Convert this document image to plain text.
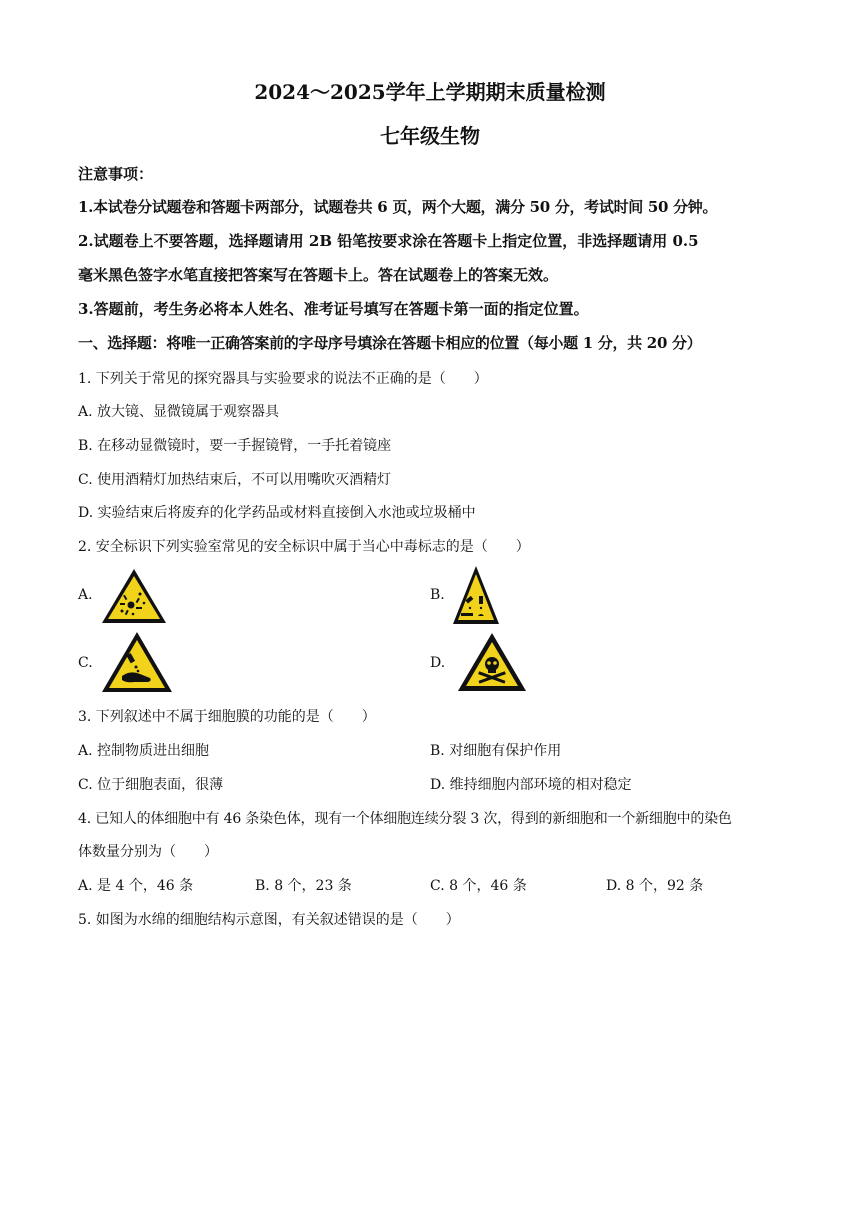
2024～2025学年上学期期末质量检测
七年级生物
注意事项：
1.本试卷分试题卷和答题卡两部分，试题卷共 6 页，两个大题，满分 50 分，考试时间 50 分钟。
2.试题卷上不要答题，选择题请用 2B 铅笔按要求涂在答题卡上指定位置，非选择题请用 0.5
毫米黑色签字水笔直接把答案写在答题卡上。答在试题卷上的答案无效。
3.答题前，考生务必将本人姓名、准考证号填写在答题卡第一面的指定位置。
一、选择题：将唯一正确答案前的字母序号填涂在答题卡相应的位置（每小题 1 分，共 20 分）
1. 下列关于常见的探究器具与实验要求的说法不正确的是（　　）
A. 放大镜、显微镜属于观察器具
B. 在移动显微镜时，要一手握镜臂，一手托着镜座
C. 使用酒精灯加热结束后，不可以用嘴吹灭酒精灯
D. 实验结束后将废弃的化学药品或材料直接倒入水池或垃圾桶中
2. 安全标识下列实验室常见的安全标识中属于当心中毒标志的是（　　）
A.	B.
C.	D.
3. 下列叙述中不属于细胞膜的功能的是（　　）
A. 控制物质进出细胞	B. 对细胞有保护作用
C. 位于细胞表面，很薄	D. 维持细胞内部环境的相对稳定
4. 已知人的体细胞中有 46 条染色体，现有一个体细胞连续分裂 3 次，得到的新细胞和一个新细胞中的染色
体数量分别为（　　）
A. 是 4 个，46 条	B. 8 个，23 条	C. 8 个，46 条	D. 8 个，92 条
5. 如图为水绵的细胞结构示意图，有关叙述错误的是（　　）
